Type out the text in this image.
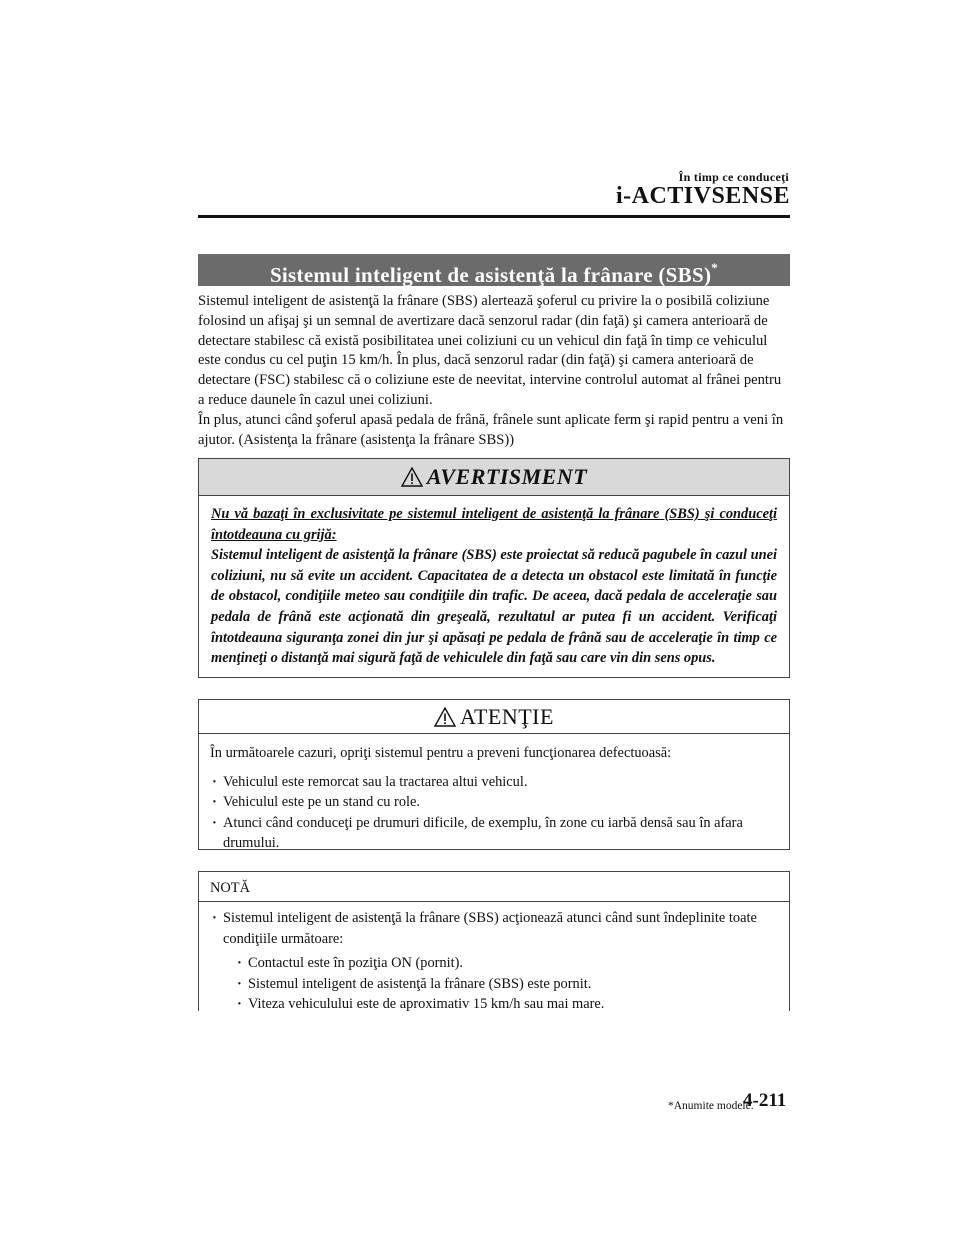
În timp ce conduceţi
i-ACTIVSENSE
Sistemul inteligent de asistenţă la frânare (SBS)*

Sistemul inteligent de asistenţă la frânare (SBS) alertează şoferul cu privire la o posibilă coliziune folosind un afişaj şi un semnal de avertizare dacă senzorul radar (din faţă) şi camera anterioară de detectare stabilesc că există posibilitatea unei coliziuni cu un vehicul din faţă în timp ce vehiculul este condus cu cel puţin 15 km/h. În plus, dacă senzorul radar (din faţă) şi camera anterioară de detectare (FSC) stabilesc că o coliziune este de neevitat, intervine controlul automat al frânei pentru a reduce daunele în cazul unei coliziuni.

În plus, atunci când şoferul apasă pedala de frână, frânele sunt aplicate ferm şi rapid pentru a veni în ajutor. (Asistenţa la frânare (asistenţa la frânare SBS))

AVERTISMENT

Nu vă bazaţi în exclusivitate pe sistemul inteligent de asistenţă la frânare (SBS) şi conduceţi întotdeauna cu grijă:

Sistemul inteligent de asistenţă la frânare (SBS) este proiectat să reducă pagubele în cazul unei coliziuni, nu să evite un accident. Capacitatea de a detecta un obstacol este limitată în funcţie de obstacol, condiţiile meteo sau condiţiile din trafic. De aceea, dacă pedala de acceleraţie sau pedala de frână este acţionată din greşeală, rezultatul ar putea fi un accident. Verificaţi întotdeauna siguranţa zonei din jur şi apăsaţi pe pedala de frână sau de acceleraţie în timp ce menţineţi o distanţă mai sigură faţă de vehiculele din faţă sau care vin din sens opus.

ATENŢIE

În următoarele cazuri, opriţi sistemul pentru a preveni funcţionarea defectuoasă:

· Vehiculul este remorcat sau la tractarea altui vehicul.
· Vehiculul este pe un stand cu role.
· Atunci când conduceţi pe drumuri dificile, de exemplu, în zone cu iarbă densă sau în afara drumului.
NOTĂ
· Sistemul inteligent de asistenţă la frânare (SBS) acţionează atunci când sunt îndeplinite toate condiţiile următoare:
· Contactul este în poziţia ON (pornit).
· Sistemul inteligent de asistenţă la frânare (SBS) este pornit.
· Viteza vehiculului este de aproximativ 15 km/h sau mai mare.
*Anumite modele.
4-211
